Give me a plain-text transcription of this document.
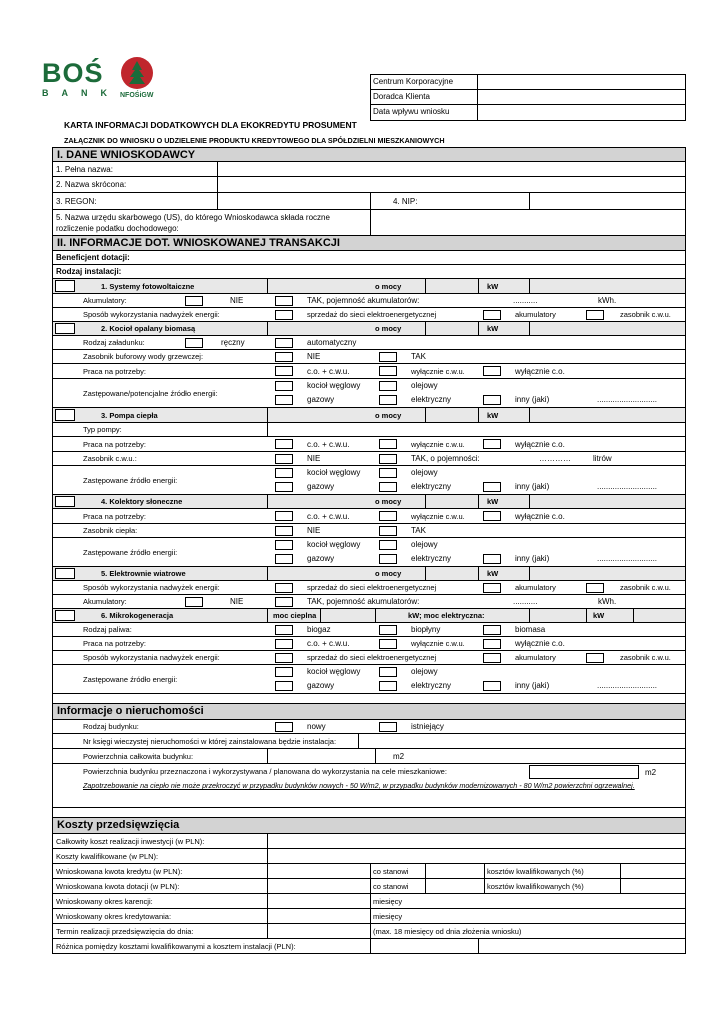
BOŚ
BANK NFOŚiGW
Centrum Korporacyjne
Doradca Klienta
Data wpływu wniosku
KARTA INFORMACJI DODATKOWYCH DLA EKOKREDYTU PROSUMENT
ZAŁĄCZNIK DO WNIOSKU O UDZIELENIE PRODUKTU KREDYTOWEGO DLA SPÓŁDZIELNI MIESZKANIOWYCH
I. DANE WNIOSKODAWCY
1. Pełna nazwa:
2. Nazwa skrócona:
3. REGON:	4. NIP:
5. Nazwa urzędu skarbowego (US), do którego Wnioskodawca składa roczne
rozliczenie podatku dochodowego:
II. INFORMACJE DOT. WNIOSKOWANEJ TRANSAKCJI
Beneficjent dotacji:
Rodzaj instalacji:
1. Systemy fotowoltaiczne	o mocy	kW
Akumulatory:	NIE	TAK, pojemność akumulatorów:	...........	kWh.
Sposób wykorzystania nadwyżek energii:	sprzedaż do sieci elektroenergetycznej	akumulatory	zasobnik c.w.u.
2. Kocioł opalany biomasą	o mocy	kW
Rodzaj załadunku:	ręczny	automatyczny
Zasobnik buforowy wody grzewczej:	NIE	TAK
Praca na potrzeby:	c.o. + c.w.u.	wyłącznie c.w.u.	wyłącznie c.o.
Zastępowane/potencjalne źródło energii:
kocioł węglowy	olejowy
gazowy	elektryczny	inny (jaki)	...........................
3. Pompa ciepła	o mocy	kW
Typ pompy:
Praca na potrzeby:	c.o. + c.w.u.	wyłącznie c.w.u.	wyłącznie c.o.
Zasobnik c.w.u.:	NIE	TAK, o pojemności:	…………	litrów
Zastępowane źródło energii:
kocioł węglowy	olejowy
gazowy	elektryczny	inny (jaki)	...........................
4. Kolektory słoneczne	o mocy	kW
Praca na potrzeby:	c.o. + c.w.u.	wyłącznie c.w.u.	wyłącznie c.o.
Zasobnik ciepła:	NIE	TAK
Zastępowane źródło energii:
kocioł węglowy	olejowy
gazowy	elektryczny	inny (jaki)	...........................
5. Elektrownie wiatrowe	o mocy	kW
Sposób wykorzystania nadwyżek energii:	sprzedaż do sieci elektroenergetycznej	akumulatory	zasobnik c.w.u.
Akumulatory:	NIE	TAK, pojemność akumulatorów:	...........	kWh.
6. Mikrokogeneracja	moc cieplna	kW; moc elektryczna:	kW
Rodzaj paliwa:	biogaz	biopłyny	biomasa
Praca na potrzeby:	c.o. + c.w.u.	wyłącznie c.w.u.	wyłącznie c.o.
Sposób wykorzystania nadwyżek energii:	sprzedaż do sieci elektroenergetycznej	akumulatory	zasobnik c.w.u.
Zastępowane źródło energii:
kocioł węglowy	olejowy
gazowy	elektryczny	inny (jaki)	...........................
Informacje o nieruchomości
Rodzaj budynku:	nowy	istniejący
Nr księgi wieczystej nieruchomości w której zainstalowana będzie instalacja:
Powierzchnia całkowita budynku:	m2
Powierzchnia budynku przeznaczona i wykorzystywana / planowana do wykorzystania na cele mieszkaniowe:	m2
Zapotrzebowanie na ciepło nie może przekroczyć w przypadku budynków nowych - 50 W/m2, w przypadku budynków modernizowanych - 80 W/m2 powierzchni ogrzewalnej.
Koszty przedsięwzięcia
Całkowity koszt realizacji inwestycji (w PLN):
Koszty kwalifikowane (w PLN):
Wnioskowana kwota kredytu (w PLN):	co stanowi	kosztów kwalifikowanych (%)
Wnioskowana kwota dotacji (w PLN):	co stanowi	kosztów kwalifikowanych (%)
Wnioskowany okres karencji:	miesięcy
Wnioskowany okres kredytowania:	miesięcy
Termin realizacji przedsięwzięcia do dnia:	(max. 18 miesięcy od dnia złożenia wniosku)
Różnica pomiędzy kosztami kwalifikowanymi a kosztem instalacji (PLN):
